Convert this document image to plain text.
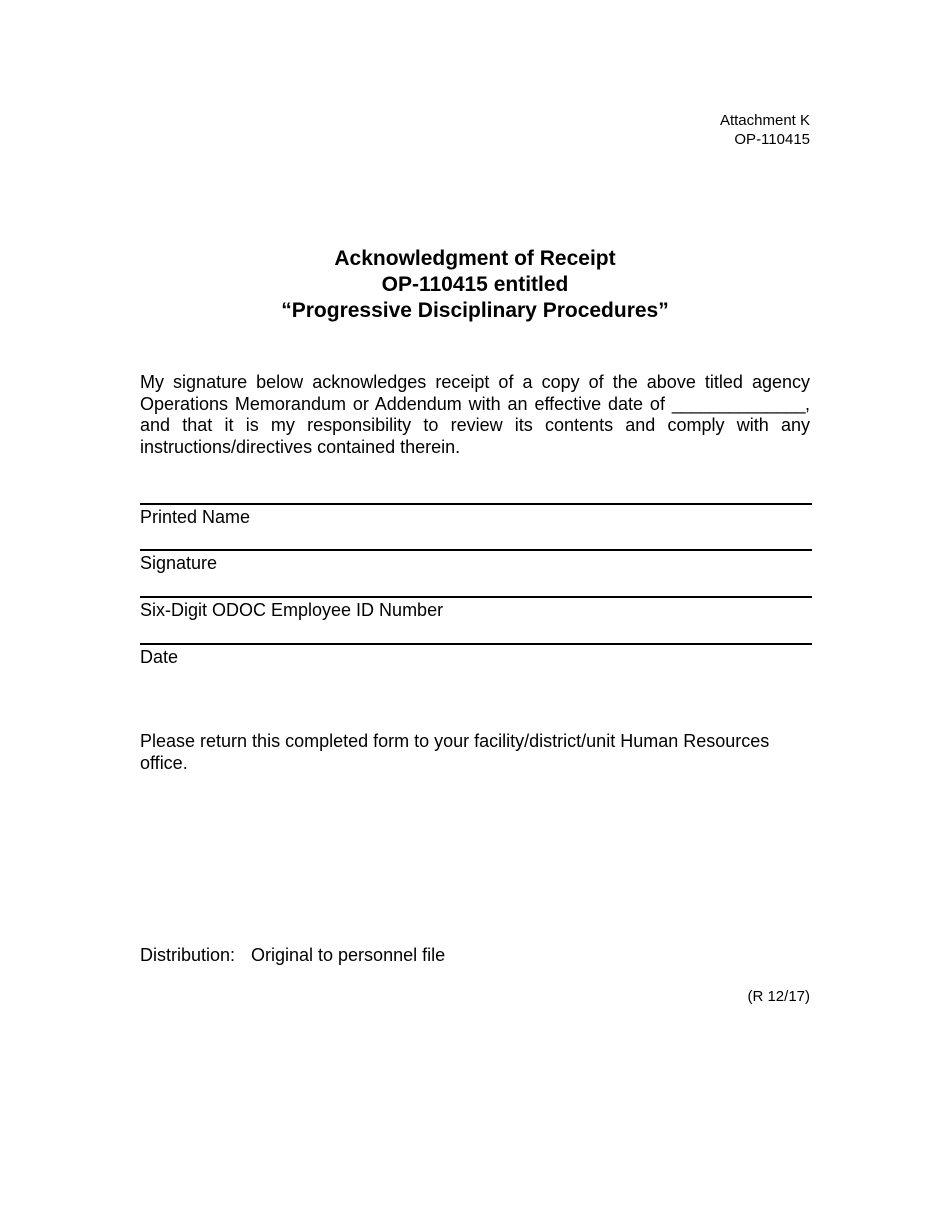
Attachment K
OP-110415
Acknowledgment of Receipt
OP-110415 entitled
“Progressive Disciplinary Procedures”

My signature below acknowledges receipt of a copy of the above titled agency Operations Memorandum or Addendum with an effective date of ______________, and that it is my responsibility to review its contents and comply with any instructions/directives contained therein.

Printed Name
Signature
Six-Digit ODOC Employee ID Number
Date

Please return this completed form to your facility/district/unit Human Resources office.

Distribution: Original to personnel file
(R 12/17)
